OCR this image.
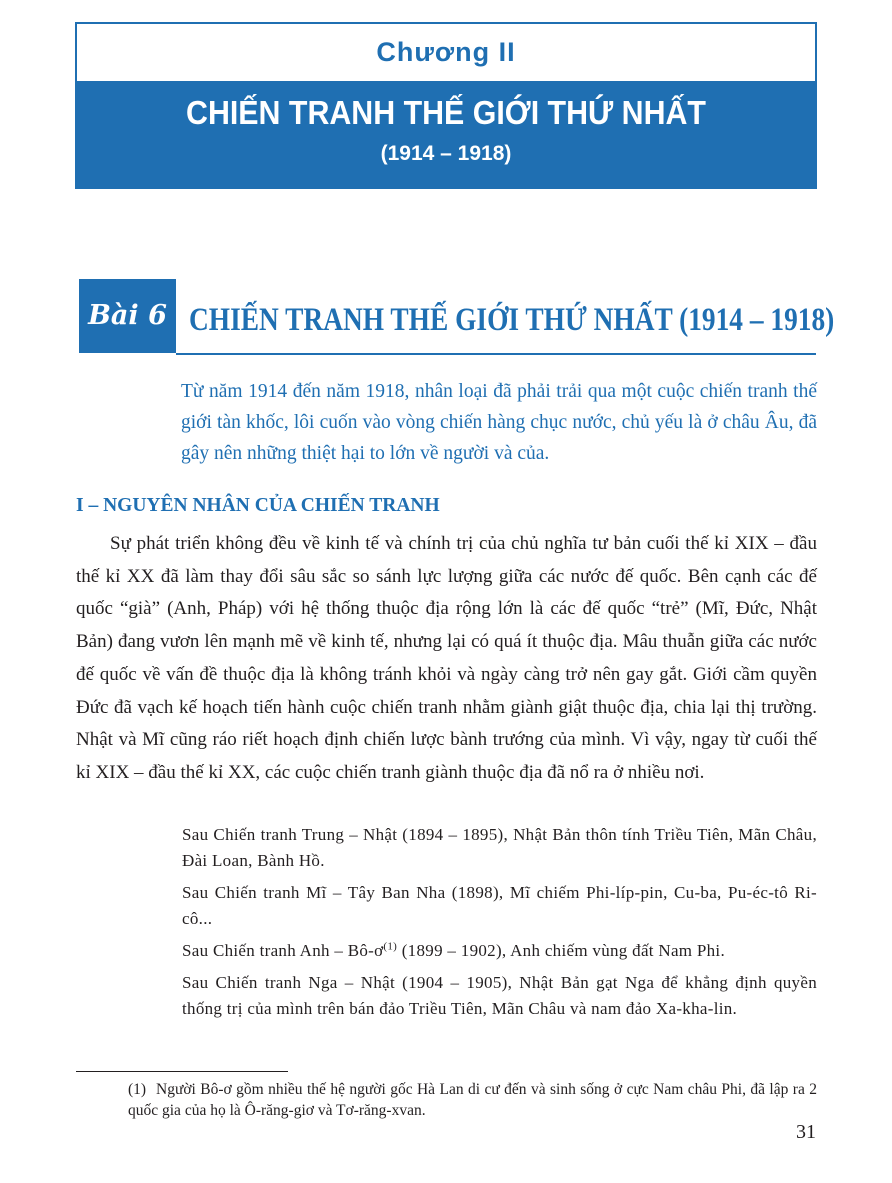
Chương II
CHIẾN TRANH THẾ GIỚI THỨ NHẤT
(1914 – 1918)
Bài 6 CHIẾN TRANH THẾ GIỚI THỨ NHẤT (1914 – 1918)

Từ năm 1914 đến năm 1918, nhân loại đã phải trải qua một cuộc chiến tranh thế giới tàn khốc, lôi cuốn vào vòng chiến hàng chục nước, chủ yếu là ở châu Âu, đã gây nên những thiệt hại to lớn về người và của.

I – NGUYÊN NHÂN CỦA CHIẾN TRANH

Sự phát triển không đều về kinh tế và chính trị của chủ nghĩa tư bản cuối thế kỉ XIX – đầu thế kỉ XX đã làm thay đổi sâu sắc so sánh lực lượng giữa các nước đế quốc. Bên cạnh các đế quốc “già” (Anh, Pháp) với hệ thống thuộc địa rộng lớn là các đế quốc “trẻ” (Mĩ, Đức, Nhật Bản) đang vươn lên mạnh mẽ về kinh tế, nhưng lại có quá ít thuộc địa. Mâu thuẫn giữa các nước đế quốc về vấn đề thuộc địa là không tránh khỏi và ngày càng trở nên gay gắt. Giới cầm quyền Đức đã vạch kế hoạch tiến hành cuộc chiến tranh nhằm giành giật thuộc địa, chia lại thị trường. Nhật và Mĩ cũng ráo riết hoạch định chiến lược bành trướng của mình. Vì vậy, ngay từ cuối thế kỉ XIX – đầu thế kỉ XX, các cuộc chiến tranh giành thuộc địa đã nổ ra ở nhiều nơi.

Sau Chiến tranh Trung – Nhật (1894 – 1895), Nhật Bản thôn tính Triều Tiên, Mãn Châu, Đài Loan, Bành Hồ.

Sau Chiến tranh Mĩ – Tây Ban Nha (1898), Mĩ chiếm Phi-líp-pin, Cu-ba, Pu-éc-tô Ri-cô...

Sau Chiến tranh Anh – $Bô-ơ^{(1)}$ (1899 – 1902), Anh chiếm vùng đất Nam Phi.

Sau Chiến tranh Nga – Nhật (1904 – 1905), Nhật Bản gạt Nga để khẳng định quyền thống trị của mình trên bán đảo Triều Tiên, Mãn Châu và nam đảo Xa-kha-lin.

(1) Người Bô-ơ gồm nhiều thế hệ người gốc Hà Lan di cư đến và sinh sống ở cực Nam châu Phi, đã lập ra 2 quốc gia của họ là Ô-răng-giơ và Tơ-răng-xvan.
31
